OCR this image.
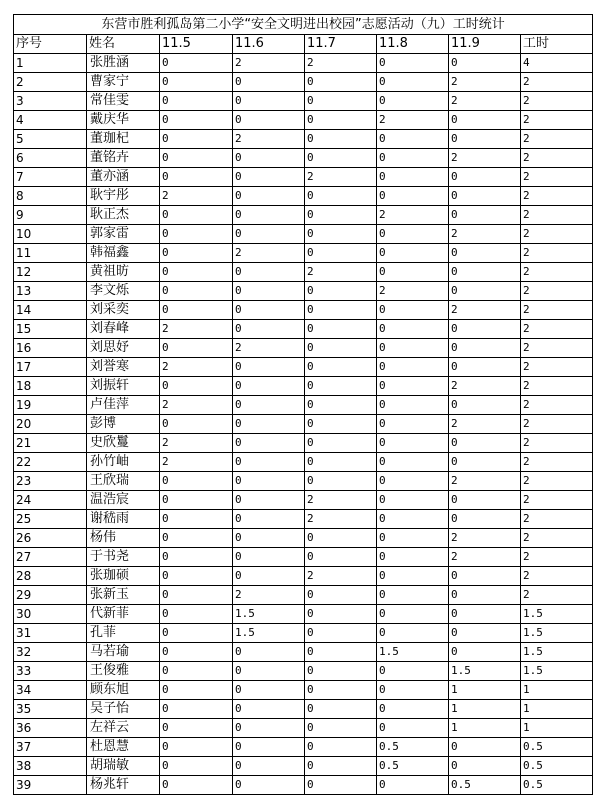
东营市胜利孤岛第二小学“安全文明进出校园”志愿活动（九）工时统计							
序号	姓名	11.5	11.6	11.7	11.8	11.9	工时
1	张胜涵	0	2	2	0	0	4
2	曹家宁	0	0	0	0	2	2
3	常佳雯	0	0	0	0	2	2
4	戴庆华	0	0	0	2	0	2
5	董珈杞	0	2	0	0	0	2
6	董铭卉	0	0	0	0	2	2
7	董亦涵	0	0	2	0	0	2
8	耿宇彤	2	0	0	0	0	2
9	耿正杰	0	0	0	2	0	2
10	郭家雷	0	0	0	0	2	2
11	韩福鑫	0	2	0	0	0	2
12	黄祖昉	0	0	2	0	0	2
13	李文烁	0	0	0	2	0	2
14	刘采奕	0	0	0	0	2	2
15	刘春峰	2	0	0	0	0	2
16	刘思妤	0	2	0	0	0	2
17	刘誉寒	2	0	0	0	0	2
18	刘振轩	0	0	0	0	2	2
19	卢佳萍	2	0	0	0	0	2
20	彭博	0	0	0	0	2	2
21	史欣鬘	2	0	0	0	0	2
22	孙竹岫	2	0	0	0	0	2
23	王欣瑞	0	0	0	0	2	2
24	温浩宸	0	0	2	0	0	2
25	谢嵇雨	0	0	2	0	0	2
26	杨伟	0	0	0	0	2	2
27	于书尧	0	0	0	0	2	2
28	张珈硕	0	0	2	0	0	2
29	张新玉	0	2	0	0	0	2
30	代新菲	0	1.5	0	0	0	1.5
31	孔菲	0	1.5	0	0	0	1.5
32	马若瑜	0	0	0	1.5	0	1.5
33	王俊雅	0	0	0	0	1.5	1.5
34	顾东旭	0	0	0	0	1	1
35	吴子怡	0	0	0	0	1	1
36	左祥云	0	0	0	0	1	1
37	杜恩慧	0	0	0	0.5	0	0.5
38	胡瑞敏	0	0	0	0.5	0	0.5
39	杨兆轩	0	0	0	0	0.5	0.5
